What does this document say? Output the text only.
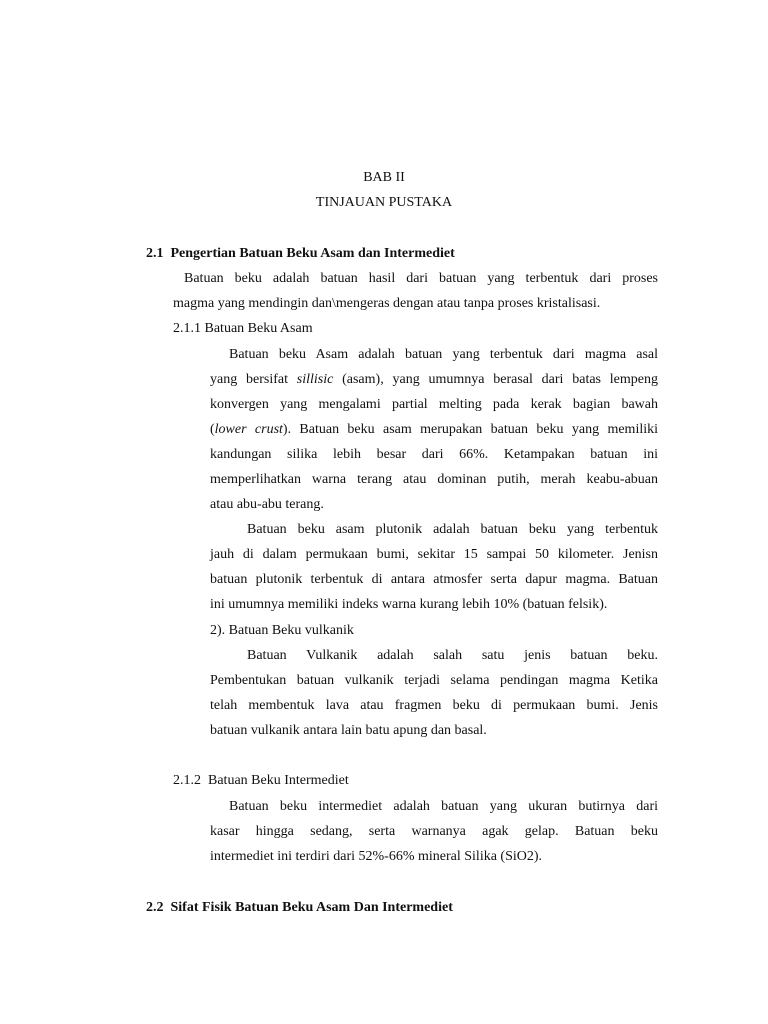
BAB II
TINJAUAN PUSTAKA
2.1 Pengertian Batuan Beku Asam dan Intermediet
Batuan beku adalah batuan hasil dari batuan yang terbentuk dari proses
magma yang mendingin dan\mengeras dengan atau tanpa proses kristalisasi.
2.1.1 Batuan Beku Asam
Batuan beku Asam adalah batuan yang terbentuk dari magma asal
yang bersifat sillisic (asam), yang umumnya berasal dari batas lempeng
konvergen yang mengalami partial melting pada kerak bagian bawah
(lower crust). Batuan beku asam merupakan batuan beku yang memiliki
kandungan silika lebih besar dari 66%. Ketampakan batuan ini
memperlihatkan warna terang atau dominan putih, merah keabu-abuan
atau abu-abu terang.
Batuan beku asam plutonik adalah batuan beku yang terbentuk
jauh di dalam permukaan bumi, sekitar 15 sampai 50 kilometer. Jenisn
batuan plutonik terbentuk di antara atmosfer serta dapur magma. Batuan
ini umumnya memiliki indeks warna kurang lebih 10% (batuan felsik).
2). Batuan Beku vulkanik
Batuan Vulkanik adalah salah satu jenis batuan beku.
Pembentukan batuan vulkanik terjadi selama pendingan magma Ketika
telah membentuk lava atau fragmen beku di permukaan bumi. Jenis
batuan vulkanik antara lain batu apung dan basal.
2.1.2  Batuan Beku Intermediet
Batuan beku intermediet adalah batuan yang ukuran butirnya dari
kasar hingga sedang, serta warnanya agak gelap. Batuan beku
intermediet ini terdiri dari 52%-66% mineral Silika (SiO2).
2.2 Sifat Fisik Batuan Beku Asam Dan Intermediet
